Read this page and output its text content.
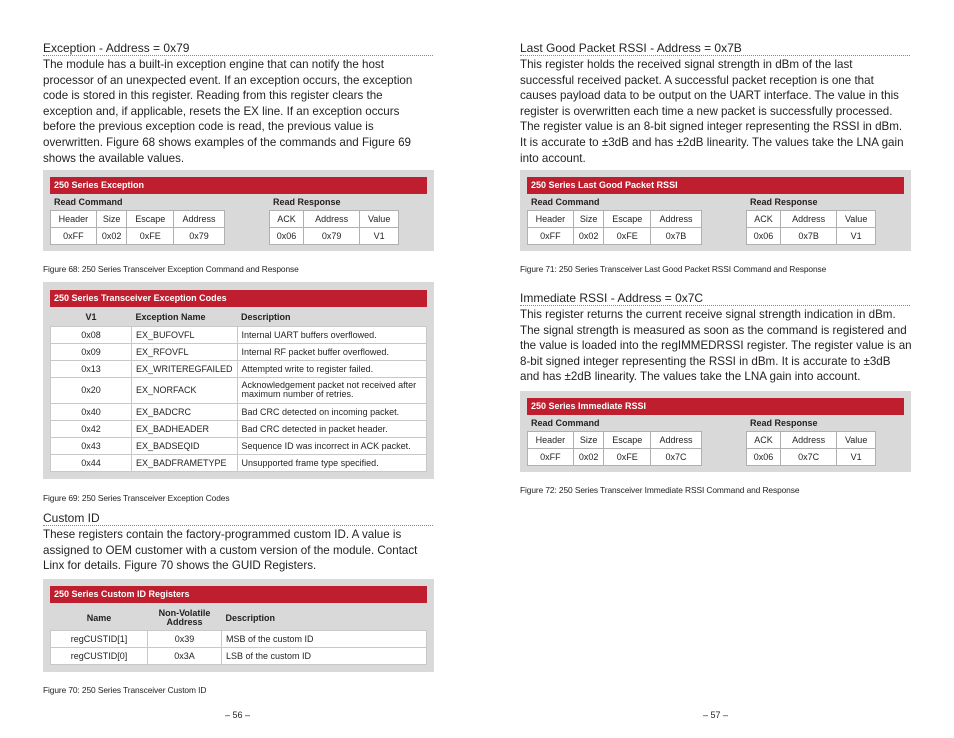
Exception - Address = 0x79
The module has a built-in exception engine that can notify the host
processor of an unexpected event. If an exception occurs, the exception
code is stored in this register. Reading from this register clears the
exception and, if applicable, resets the EX line. If an exception occurs
before the previous exception code is read, the previous value is
overwritten. Figure 68 shows examples of the commands and Figure 69
shows the available values.
250 Series Exception
Read Command	Read Response
Header	Size	Escape	Address
0xFF	0x02	0xFE	0x79
ACK	Address	Value
0x06	0x79	V1
Figure 68: 250 Series Transceiver Exception Command and Response
250 Series Transceiver Exception Codes
V1	Exception Name	Description
0x08	EX_BUFOVFL	Internal UART buffers overflowed.
0x09	EX_RFOVFL	Internal RF packet buffer overflowed.
0x13	EX_WRITEREGFAILED	Attempted write to register failed.
0x20	EX_NORFACK	Acknowledgement packet not received after maximum number of retries.
0x40	EX_BADCRC	Bad CRC detected on incoming packet.
0x42	EX_BADHEADER	Bad CRC detected in packet header.
0x43	EX_BADSEQID	Sequence ID was incorrect in ACK packet.
0x44	EX_BADFRAMETYPE	Unsupported frame type specified.
Figure 69: 250 Series Transceiver Exception Codes
Custom ID
These registers contain the factory-programmed custom ID. A value is
assigned to OEM customer with a custom version of the module. Contact
Linx for details. Figure 70 shows the GUID Registers.
250 Series Custom ID Registers
Name	Non-Volatile Address	Description
regCUSTID[1]	0x39	MSB of the custom ID
regCUSTID[0]	0x3A	LSB of the custom ID
Figure 70: 250 Series Transceiver Custom ID
– 56 –
Last Good Packet RSSI - Address = 0x7B
This register holds the received signal strength in dBm of the last
successful received packet. A successful packet reception is one that
causes payload data to be output on the UART interface. The value in this
register is overwritten each time a new packet is successfully processed.
The register value is an 8-bit signed integer representing the RSSI in dBm.
It is accurate to ±3dB and has ±2dB linearity. The values take the LNA gain
into account.
250 Series Last Good Packet RSSI
Read Command	Read Response
Header	Size	Escape	Address
0xFF	0x02	0xFE	0x7B
ACK	Address	Value
0x06	0x7B	V1
Figure 71: 250 Series Transceiver Last Good Packet RSSI Command and Response
Immediate RSSI - Address = 0x7C
This register returns the current receive signal strength indication in dBm.
The signal strength is measured as soon as the command is registered and
the value is loaded into the regIMMEDRSSI register. The register value is an
8-bit signed integer representing the RSSI in dBm. It is accurate to ±3dB
and has ±2dB linearity. The values take the LNA gain into account.
250 Series Immediate RSSI
Read Command	Read Response
Header	Size	Escape	Address
0xFF	0x02	0xFE	0x7C
ACK	Address	Value
0x06	0x7C	V1
Figure 72: 250 Series Transceiver Immediate RSSI Command and Response
– 57 –
